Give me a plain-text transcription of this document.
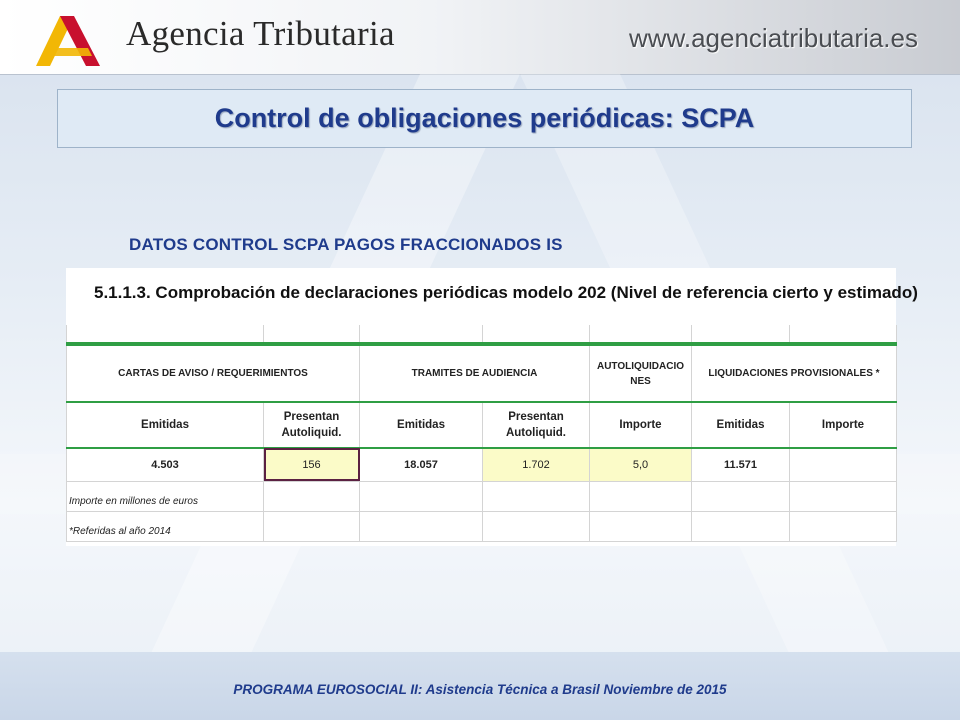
Agencia Tributaria	www.agenciatributaria.es
Control de obligaciones periódicas: SCPA
DATOS CONTROL SCPA PAGOS FRACCIONADOS IS
5.1.1.3. Comprobación de declaraciones periódicas modelo 202 (Nivel de referencia cierto y estimado)

CARTAS DE AVISO / REQUERIMIENTOS		TRAMITES DE AUDIENCIA		AUTOLIQUIDACIO NES	LIQUIDACIONES PROVISIONALES *	
Emitidas	Presentan Autoliquid.	Emitidas	Presentan Autoliquid.	Importe	Emitidas	Importe
4.503	156	18.057	1.702	5,0	11.571	
Importe en millones de euros						
*Referidas al año 2014						
PROGRAMA EUROSOCIAL II: Asistencia Técnica a Brasil Noviembre de 2015
